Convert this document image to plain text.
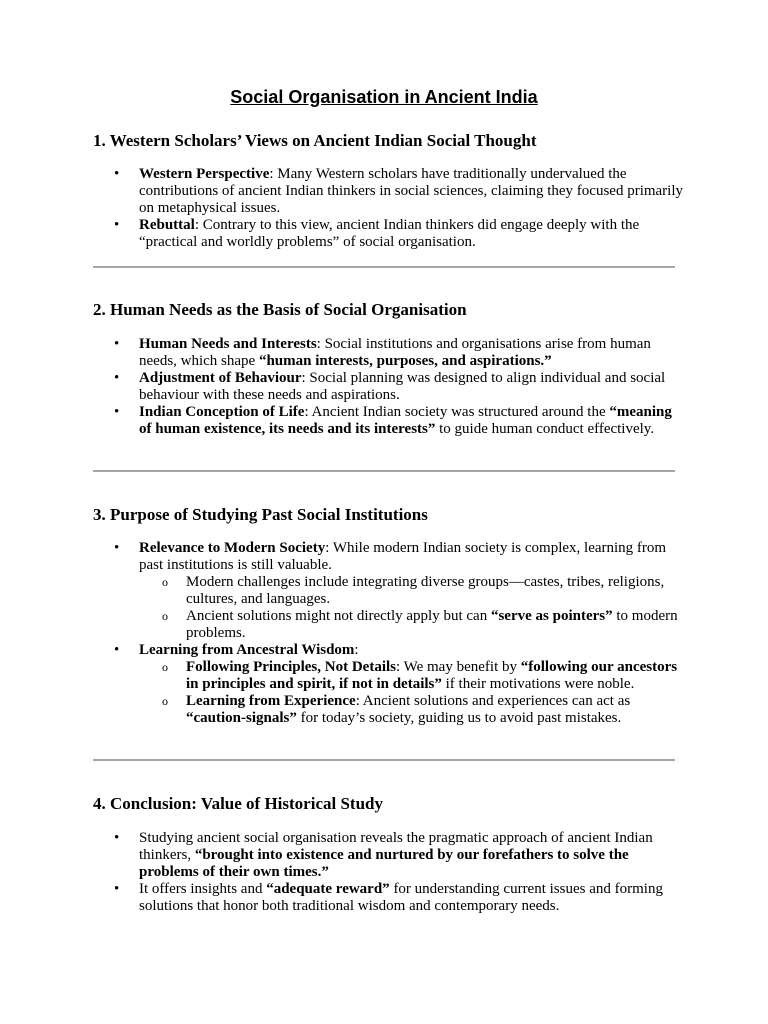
Social Organisation in Ancient India
1. Western Scholars’ Views on Ancient Indian Social Thought
• Western Perspective: Many Western scholars have traditionally undervalued the contributions of ancient Indian thinkers in social sciences, claiming they focused primarily on metaphysical issues.
• Rebuttal: Contrary to this view, ancient Indian thinkers did engage deeply with the “practical and worldly problems” of social organisation.
2. Human Needs as the Basis of Social Organisation
• Human Needs and Interests: Social institutions and organisations arise from human needs, which shape “human interests, purposes, and aspirations.”
• Adjustment of Behaviour: Social planning was designed to align individual and social behaviour with these needs and aspirations.
• Indian Conception of Life: Ancient Indian society was structured around the “meaning of human existence, its needs and its interests” to guide human conduct effectively.
3. Purpose of Studying Past Social Institutions
• Relevance to Modern Society: While modern Indian society is complex, learning from past institutions is still valuable.
o Modern challenges include integrating diverse groups—castes, tribes, religions, cultures, and languages.
o Ancient solutions might not directly apply but can “serve as pointers” to modern problems.
• Learning from Ancestral Wisdom:
o Following Principles, Not Details: We may benefit by “following our ancestors in principles and spirit, if not in details” if their motivations were noble.
o Learning from Experience: Ancient solutions and experiences can act as “caution-signals” for today’s society, guiding us to avoid past mistakes.
4. Conclusion: Value of Historical Study
• Studying ancient social organisation reveals the pragmatic approach of ancient Indian thinkers, “brought into existence and nurtured by our forefathers to solve the problems of their own times.”
• It offers insights and “adequate reward” for understanding current issues and forming solutions that honor both traditional wisdom and contemporary needs.
